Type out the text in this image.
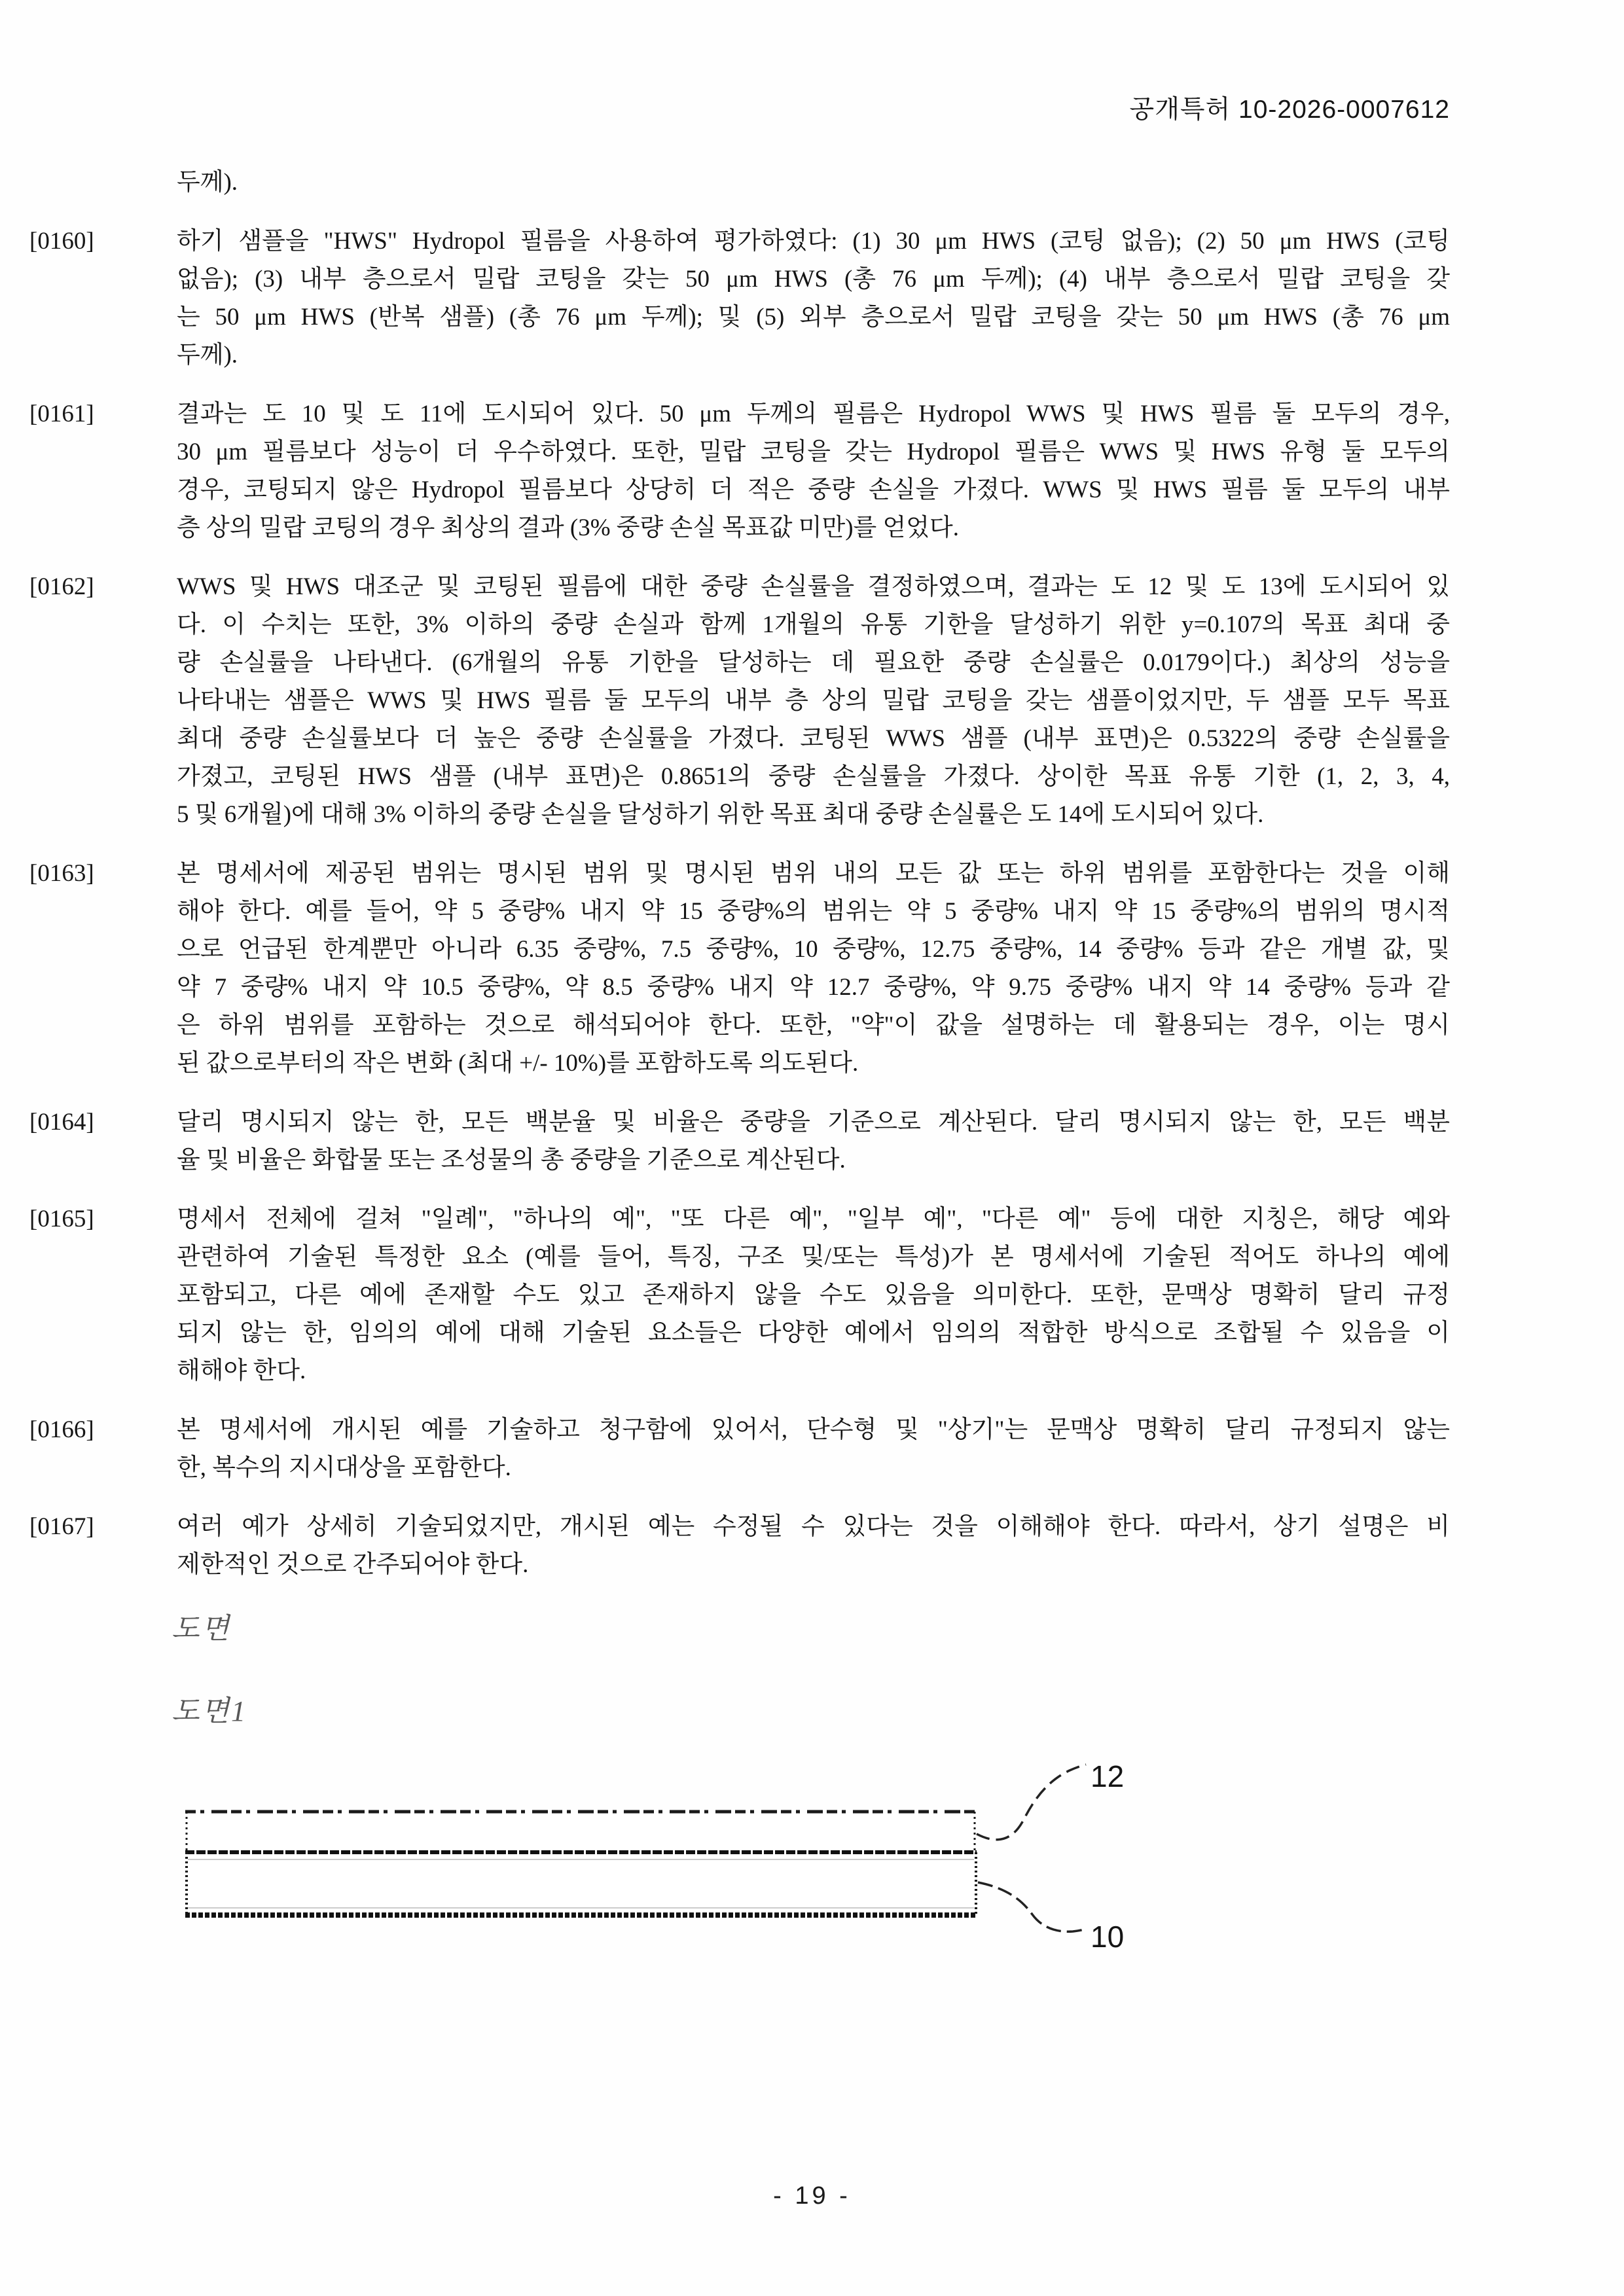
공개특허 10-2026-0007612
두께).
[0160]	하기 샘플을 "HWS" Hydropol 필름을 사용하여 평가하였다: (1) 30 μm HWS (코팅 없음); (2) 50 μm HWS (코팅
없음); (3) 내부 층으로서 밀랍 코팅을 갖는 50 μm HWS (총 76 μm 두께); (4) 내부 층으로서 밀랍 코팅을 갖
는 50 μm HWS (반복 샘플) (총 76 μm 두께); 및 (5) 외부 층으로서 밀랍 코팅을 갖는 50 μm HWS (총 76 μm
두께).
[0161]	결과는 도 10 및 도 11에 도시되어 있다. 50 μm 두께의 필름은 Hydropol WWS 및 HWS 필름 둘 모두의 경우,
30 μm 필름보다 성능이 더 우수하였다. 또한, 밀랍 코팅을 갖는 Hydropol 필름은 WWS 및 HWS 유형 둘 모두의
경우, 코팅되지 않은 Hydropol 필름보다 상당히 더 적은 중량 손실을 가졌다. WWS 및 HWS 필름 둘 모두의 내부
층 상의 밀랍 코팅의 경우 최상의 결과 (3% 중량 손실 목표값 미만)를 얻었다.
[0162]	WWS 및 HWS 대조군 및 코팅된 필름에 대한 중량 손실률을 결정하였으며, 결과는 도 12 및 도 13에 도시되어 있
다. 이 수치는 또한, 3% 이하의 중량 손실과 함께 1개월의 유통 기한을 달성하기 위한 y=0.107의 목표 최대 중
량 손실률을 나타낸다. (6개월의 유통 기한을 달성하는 데 필요한 중량 손실률은 0.0179이다.) 최상의 성능을
나타내는 샘플은 WWS 및 HWS 필름 둘 모두의 내부 층 상의 밀랍 코팅을 갖는 샘플이었지만, 두 샘플 모두 목표
최대 중량 손실률보다 더 높은 중량 손실률을 가졌다. 코팅된 WWS 샘플 (내부 표면)은 0.5322의 중량 손실률을
가졌고, 코팅된 HWS 샘플 (내부 표면)은 0.8651의 중량 손실률을 가졌다. 상이한 목표 유통 기한 (1, 2, 3, 4,
5 및 6개월)에 대해 3% 이하의 중량 손실을 달성하기 위한 목표 최대 중량 손실률은 도 14에 도시되어 있다.
[0163]	본 명세서에 제공된 범위는 명시된 범위 및 명시된 범위 내의 모든 값 또는 하위 범위를 포함한다는 것을 이해
해야 한다. 예를 들어, 약 5 중량% 내지 약 15 중량%의 범위는 약 5 중량% 내지 약 15 중량%의 범위의 명시적
으로 언급된 한계뿐만 아니라 6.35 중량%, 7.5 중량%, 10 중량%, 12.75 중량%, 14 중량% 등과 같은 개별 값, 및
약 7 중량% 내지 약 10.5 중량%, 약 8.5 중량% 내지 약 12.7 중량%, 약 9.75 중량% 내지 약 14 중량% 등과 같
은 하위 범위를 포함하는 것으로 해석되어야 한다. 또한, "약"이 값을 설명하는 데 활용되는 경우, 이는 명시
된 값으로부터의 작은 변화 (최대 +/- 10%)를 포함하도록 의도된다.
[0164]	달리 명시되지 않는 한, 모든 백분율 및 비율은 중량을 기준으로 계산된다. 달리 명시되지 않는 한, 모든 백분
율 및 비율은 화합물 또는 조성물의 총 중량을 기준으로 계산된다.
[0165]	명세서 전체에 걸쳐 "일례", "하나의 예", "또 다른 예", "일부 예", "다른 예" 등에 대한 지칭은, 해당 예와
관련하여 기술된 특정한 요소 (예를 들어, 특징, 구조 및/또는 특성)가 본 명세서에 기술된 적어도 하나의 예에
포함되고, 다른 예에 존재할 수도 있고 존재하지 않을 수도 있음을 의미한다. 또한, 문맥상 명확히 달리 규정
되지 않는 한, 임의의 예에 대해 기술된 요소들은 다양한 예에서 임의의 적합한 방식으로 조합될 수 있음을 이
해해야 한다.
[0166]	본 명세서에 개시된 예를 기술하고 청구함에 있어서, 단수형 및 "상기"는 문맥상 명확히 달리 규정되지 않는
한, 복수의 지시대상을 포함한다.
[0167]	여러 예가 상세히 기술되었지만, 개시된 예는 수정될 수 있다는 것을 이해해야 한다. 따라서, 상기 설명은 비
제한적인 것으로 간주되어야 한다.
도면
도면1
12
10
- 19 -
